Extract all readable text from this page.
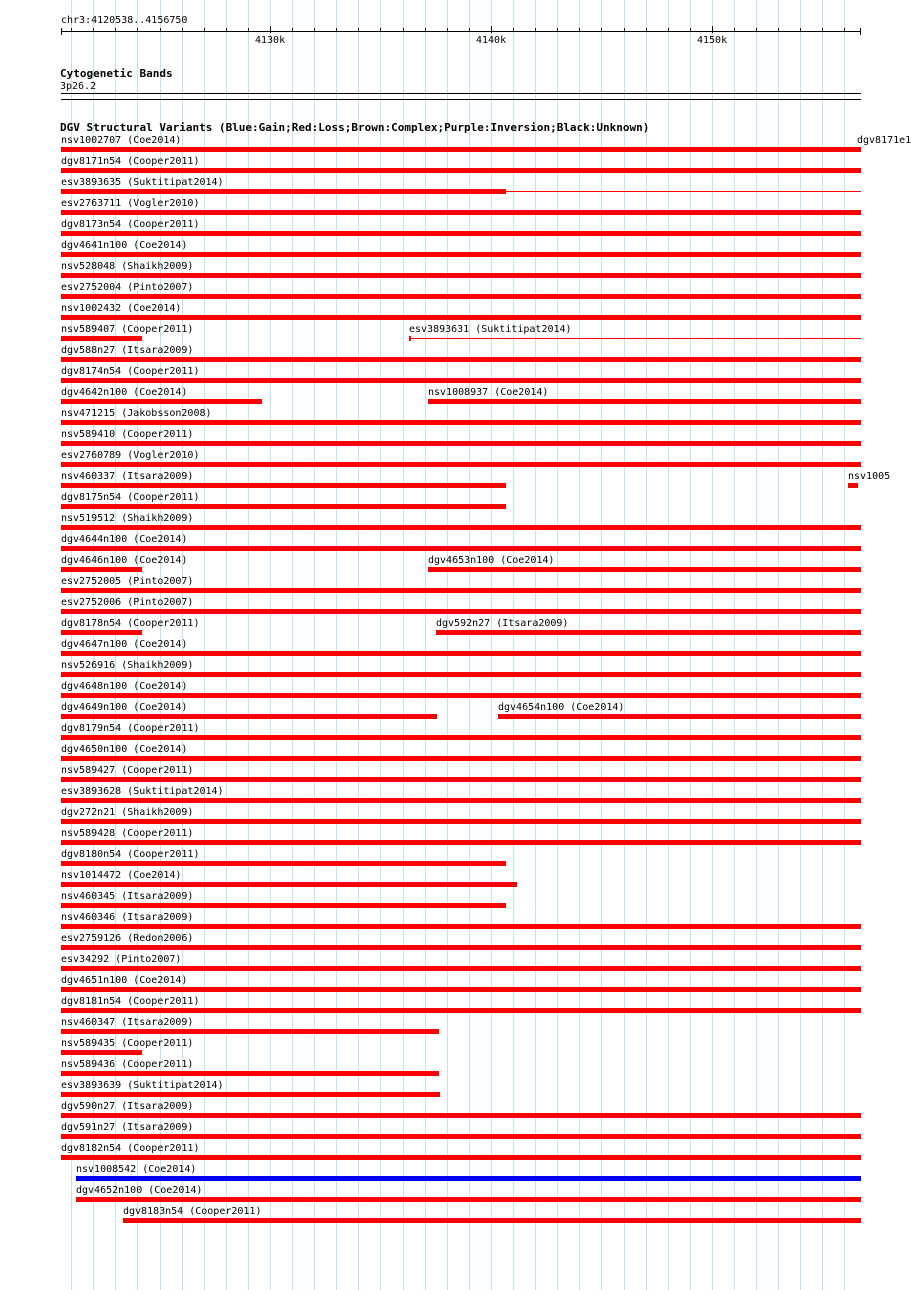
chr3:4120538..4156750
4130k	4140k	4150k
Cytogenetic Bands
3p26.2
DGV Structural Variants (Blue:Gain;Red:Loss;Brown:Complex;Purple:Inversion;Black:Unknown)
nsv1002707 (Coe2014)	dgv8171e1
dgv8171n54 (Cooper2011)
esv3893635 (Suktitipat2014)
esv2763711 (Vogler2010)
dgv8173n54 (Cooper2011)
dgv4641n100 (Coe2014)
nsv528048 (Shaikh2009)
esv2752004 (Pinto2007)
nsv1002432 (Coe2014)
nsv589407 (Cooper2011)	esv3893631 (Suktitipat2014)
dgv588n27 (Itsara2009)
dgv8174n54 (Cooper2011)
dgv4642n100 (Coe2014)	nsv1008937 (Coe2014)
nsv471215 (Jakobsson2008)
nsv589410 (Cooper2011)
esv2760789 (Vogler2010)
nsv460337 (Itsara2009)	nsv1005
dgv8175n54 (Cooper2011)
nsv519512 (Shaikh2009)
dgv4644n100 (Coe2014)
dgv4646n100 (Coe2014)	dgv4653n100 (Coe2014)
esv2752005 (Pinto2007)
esv2752006 (Pinto2007)
dgv8178n54 (Cooper2011)	dgv592n27 (Itsara2009)
dgv4647n100 (Coe2014)
nsv526916 (Shaikh2009)
dgv4648n100 (Coe2014)
dgv4649n100 (Coe2014)	dgv4654n100 (Coe2014)
dgv8179n54 (Cooper2011)
dgv4650n100 (Coe2014)
nsv589427 (Cooper2011)
esv3893628 (Suktitipat2014)
dgv272n21 (Shaikh2009)
nsv589428 (Cooper2011)
dgv8180n54 (Cooper2011)
nsv1014472 (Coe2014)
nsv460345 (Itsara2009)
nsv460346 (Itsara2009)
esv2759126 (Redon2006)
esv34292 (Pinto2007)
dgv4651n100 (Coe2014)
dgv8181n54 (Cooper2011)
nsv460347 (Itsara2009)
nsv589435 (Cooper2011)
nsv589436 (Cooper2011)
esv3893639 (Suktitipat2014)
dgv590n27 (Itsara2009)
dgv591n27 (Itsara2009)
dgv8182n54 (Cooper2011)
nsv1008542 (Coe2014)
dgv4652n100 (Coe2014)
dgv8183n54 (Cooper2011)
